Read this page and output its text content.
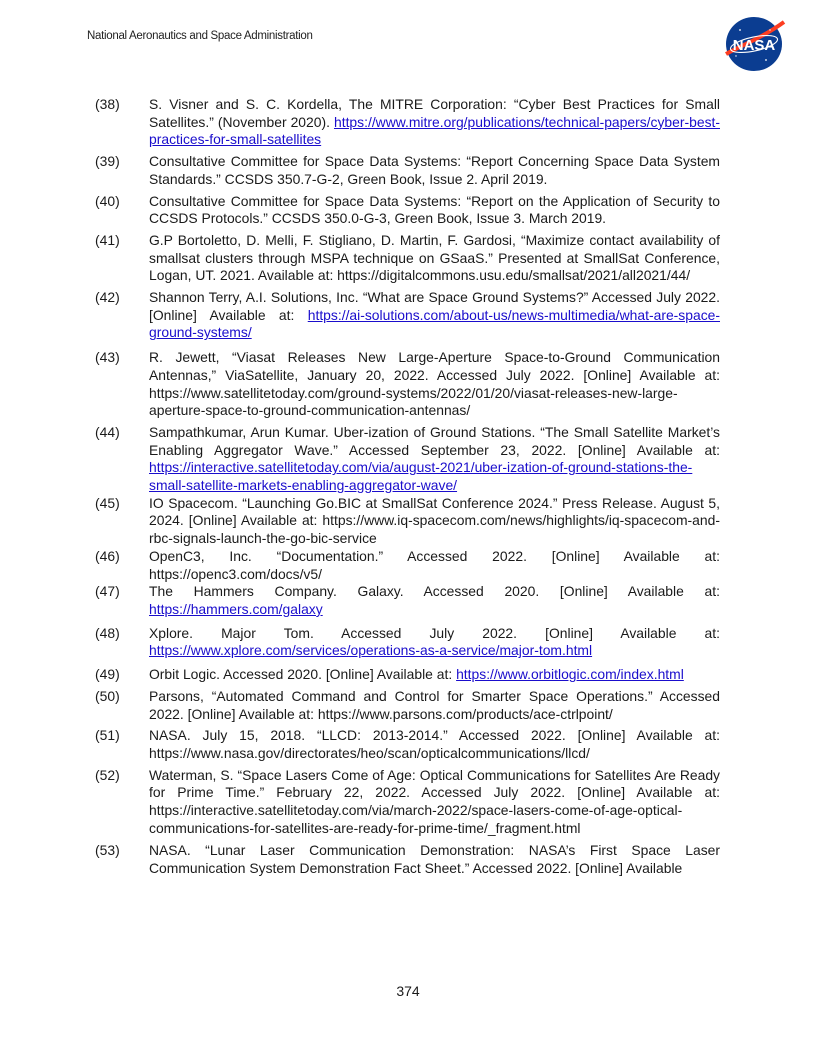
National Aeronautics and Space Administration
NASA
(38)	S. Visner and S. C. Kordella, The MITRE Corporation: “Cyber Best Practices for Small Satellites.” (November 2020). https://www.mitre.org/publications/technical-papers/cyber-best-practices-for-small-satellites
(39)	Consultative Committee for Space Data Systems: “Report Concerning Space Data System Standards.” CCSDS 350.7-G-2, Green Book, Issue 2. April 2019.
(40)	Consultative Committee for Space Data Systems: “Report on the Application of Security to CCSDS Protocols.” CCSDS 350.0-G-3, Green Book, Issue 3. March 2019.
(41)	G.P Bortoletto, D. Melli, F. Stigliano, D. Martin, F. Gardosi, “Maximize contact availability of smallsat clusters through MSPA technique on GSaaS.” Presented at SmallSat Conference, Logan, UT. 2021. Available at: https://digitalcommons.usu.edu/smallsat/2021/all2021/44/
(42)	Shannon Terry, A.I. Solutions, Inc. “What are Space Ground Systems?” Accessed July 2022. [Online] Available at: https://ai-solutions.com/about-us/news-multimedia/what-are-space-ground-systems/
(43)	R. Jewett, “Viasat Releases New Large-Aperture Space-to-Ground Communication Antennas,” ViaSatellite, January 20, 2022. Accessed July 2022. [Online] Available at: https://www.satellitetoday.com/ground-systems/2022/01/20/viasat-releases-new-large-aperture-space-to-ground-communication-antennas/
(44)	Sampathkumar, Arun Kumar. Uber-ization of Ground Stations. “The Small Satellite Market’s Enabling Aggregator Wave.” Accessed September 23, 2022. [Online] Available at: https://interactive.satellitetoday.com/via/august-2021/uber-ization-of-ground-stations-the-small-satellite-markets-enabling-aggregator-wave/
(45)	IO Spacecom. “Launching Go.BIC at SmallSat Conference 2024.” Press Release. August 5, 2024. [Online] Available at: https://www.iq-spacecom.com/news/highlights/iq-spacecom-and-rbc-signals-launch-the-go-bic-service
(46)	OpenC3, Inc. “Documentation.” Accessed 2022. [Online] Available at: https://openc3.com/docs/v5/
(47)	The Hammers Company. Galaxy. Accessed 2020. [Online] Available at: https://hammers.com/galaxy
(48)	Xplore. Major Tom. Accessed July 2022. [Online] Available at: https://www.xplore.com/services/operations-as-a-service/major-tom.html
(49)	Orbit Logic. Accessed 2020. [Online] Available at: https://www.orbitlogic.com/index.html
(50)	Parsons, “Automated Command and Control for Smarter Space Operations.” Accessed 2022. [Online] Available at: https://www.parsons.com/products/ace-ctrlpoint/
(51)	NASA. July 15, 2018. “LLCD: 2013-2014.” Accessed 2022. [Online] Available at: https://www.nasa.gov/directorates/heo/scan/opticalcommunications/llcd/
(52)	Waterman, S. “Space Lasers Come of Age: Optical Communications for Satellites Are Ready for Prime Time.” February 22, 2022. Accessed July 2022. [Online] Available at: https://interactive.satellitetoday.com/via/march-2022/space-lasers-come-of-age-optical-communications-for-satellites-are-ready-for-prime-time/_fragment.html
(53)	NASA. “Lunar Laser Communication Demonstration: NASA’s First Space Laser Communication System Demonstration Fact Sheet.” Accessed 2022. [Online] Available
374
